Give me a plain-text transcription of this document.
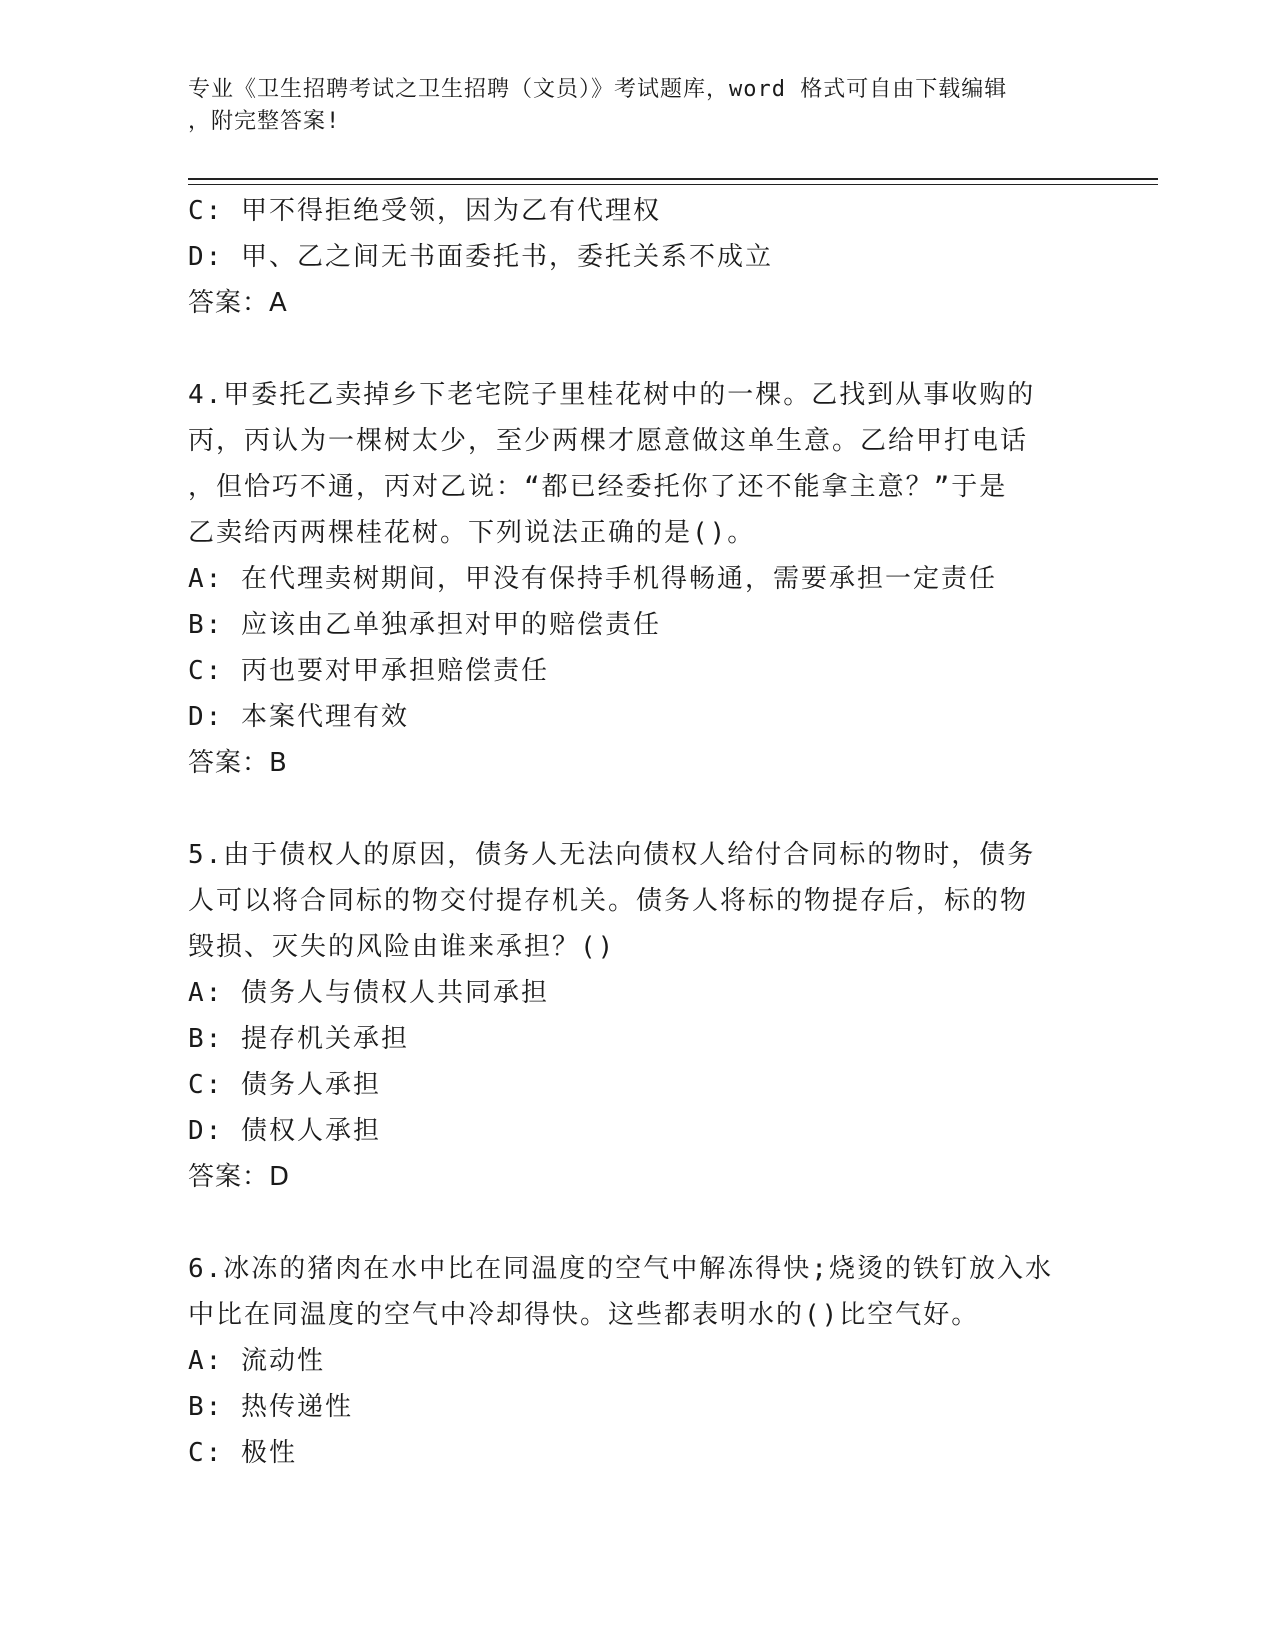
专业《卫生招聘考试之卫生招聘（文员）》考试题库，word 格式可自由下载编辑
，附完整答案!
C: 甲不得拒绝受领，因为乙有代理权
D: 甲、乙之间无书面委托书，委托关系不成立
答案：A
4.甲委托乙卖掉乡下老宅院子里桂花树中的一棵。乙找到从事收购的
丙，丙认为一棵树太少，至少两棵才愿意做这单生意。乙给甲打电话
，但恰巧不通，丙对乙说：“都已经委托你了还不能拿主意？”于是
乙卖给丙两棵桂花树。下列说法正确的是()。
A: 在代理卖树期间，甲没有保持手机得畅通，需要承担一定责任
B: 应该由乙单独承担对甲的赔偿责任
C: 丙也要对甲承担赔偿责任
D: 本案代理有效
答案：B
5.由于债权人的原因，债务人无法向债权人给付合同标的物时，债务
人可以将合同标的物交付提存机关。债务人将标的物提存后，标的物
毁损、灭失的风险由谁来承担？()
A: 债务人与债权人共同承担
B: 提存机关承担
C: 债务人承担
D: 债权人承担
答案：D
6.冰冻的猪肉在水中比在同温度的空气中解冻得快;烧烫的铁钉放入水
中比在同温度的空气中冷却得快。这些都表明水的()比空气好。
A: 流动性
B: 热传递性
C: 极性
